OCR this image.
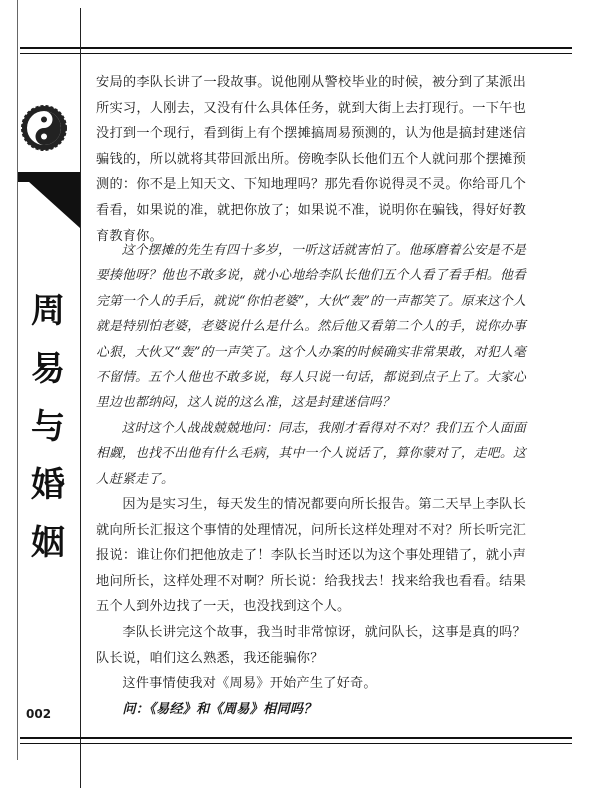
周
易
与
婚
姻

安局的李队长讲了一段故事。说他刚从警校毕业的时候，被分到了某派出所实习，人刚去，又没有什么具体任务，就到大街上去打现行。一下午也没打到一个现行，看到街上有个摆摊搞周易预测的，认为他是搞封建迷信骗钱的，所以就将其带回派出所。傍晚李队长他们五个人就问那个摆摊预测的：你不是上知天文、下知地理吗？那先看你说得灵不灵。你给哥几个看看，如果说的准，就把你放了；如果说不准，说明你在骗钱，得好好教育教育你。

这个摆摊的先生有四十多岁，一听这话就害怕了。他琢磨着公安是不是要揍他呀？他也不敢多说，就小心地给李队长他们五个人看了看手相。他看完第一个人的手后，就说“你怕老婆”，大伙“轰”的一声都笑了。原来这个人就是特别怕老婆，老婆说什么是什么。然后他又看第二个人的手，说你办事心狠，大伙又“轰”的一声笑了。这个人办案的时候确实非常果敢，对犯人毫不留情。五个人他也不敢多说，每人只说一句话，都说到点子上了。大家心里边也都纳闷，这人说的这么准，这是封建迷信吗？

这时这个人战战兢兢地问：同志，我刚才看得对不对？我们五个人面面相觑，也找不出他有什么毛病，其中一个人说话了，算你蒙对了，走吧。这人赶紧走了。

因为是实习生，每天发生的情况都要向所长报告。第二天早上李队长就向所长汇报这个事情的处理情况，问所长这样处理对不对？所长听完汇报说：谁让你们把他放走了！李队长当时还以为这个事处理错了，就小声地问所长，这样处理不对啊？所长说：给我找去！找来给我也看看。结果五个人到外边找了一天，也没找到这个人。

李队长讲完这个故事，我当时非常惊讶，就问队长，这事是真的吗？队长说，咱们这么熟悉，我还能骗你？

这件事情使我对《周易》开始产生了好奇。

问：《易经》和《周易》相同吗？

002
